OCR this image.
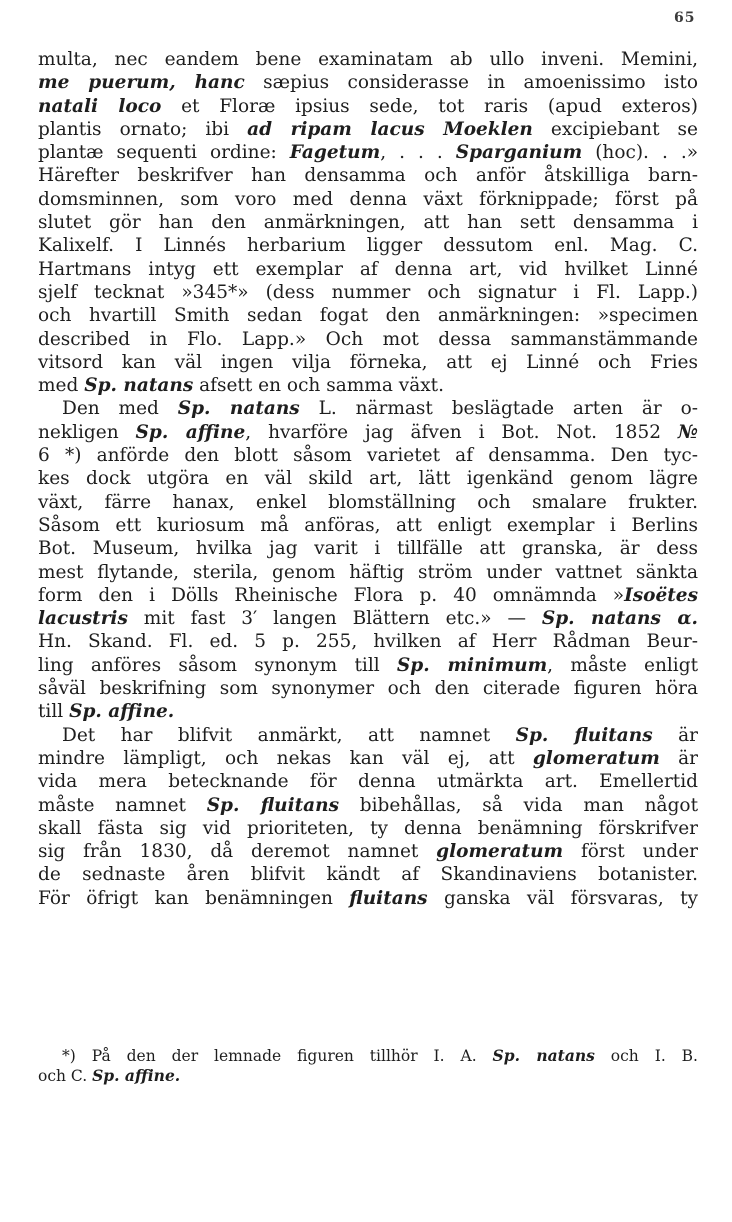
65
multa, nec eandem bene examinatam ab ullo inveni. Memini,
me puerum, hanc sæpius considerasse in amoenissimo isto
natali loco et Floræ ipsius sede, tot raris (apud exteros)
plantis ornato; ibi ad ripam lacus Moeklen excipiebant se
plantæ sequenti ordine: Fagetum, . . . Sparganium (hoc). . .»
Härefter beskrifver han densamma och anför åtskilliga barn-
domsminnen, som voro med denna växt förknippade; först på
slutet gör han den anmärkningen, att han sett densamma i
Kalixelf. I Linnés herbarium ligger dessutom enl. Mag. C.
Hartmans intyg ett exemplar af denna art, vid hvilket Linné
sjelf tecknat »345*» (dess nummer och signatur i Fl. Lapp.)
och hvartill Smith sedan fogat den anmärkningen: »specimen
described in Flo. Lapp.» Och mot dessa sammanstämmande
vitsord kan väl ingen vilja förneka, att ej Linné och Fries
med Sp. natans afsett en och samma växt.
Den med Sp. natans L. närmast beslägtade arten är o-
nekligen Sp. affine, hvarföre jag äfven i Bot. Not. 1852 №
6 *) anförde den blott såsom varietet af densamma. Den tyc-
kes dock utgöra en väl skild art, lätt igenkänd genom lägre
växt, färre hanax, enkel blomställning och smalare frukter.
Såsom ett kuriosum må anföras, att enligt exemplar i Berlins
Bot. Museum, hvilka jag varit i tillfälle att granska, är dess
mest flytande, sterila, genom häftig ström under vattnet sänkta
form den i Dölls Rheinische Flora p. 40 omnämnda »Isoëtes
lacustris mit fast 3′ langen Blättern etc.» — Sp. natans α.
Hn. Skand. Fl. ed. 5 p. 255, hvilken af Herr Rådman Beur-
ling anföres såsom synonym till Sp. minimum, måste enligt
såväl beskrifning som synonymer och den citerade figuren höra
till Sp. affine.
Det har blifvit anmärkt, att namnet Sp. fluitans är
mindre lämpligt, och nekas kan väl ej, att glomeratum är
vida mera betecknande för denna utmärkta art. Emellertid
måste namnet Sp. fluitans bibehållas, så vida man något
skall fästa sig vid prioriteten, ty denna benämning förskrifver
sig från 1830, då deremot namnet glomeratum först under
de sednaste åren blifvit kändt af Skandinaviens botanister.
För öfrigt kan benämningen fluitans ganska väl försvaras, ty
*) På den der lemnade figuren tillhör I. A. Sp. natans och I. B.
och C. Sp. affine.
